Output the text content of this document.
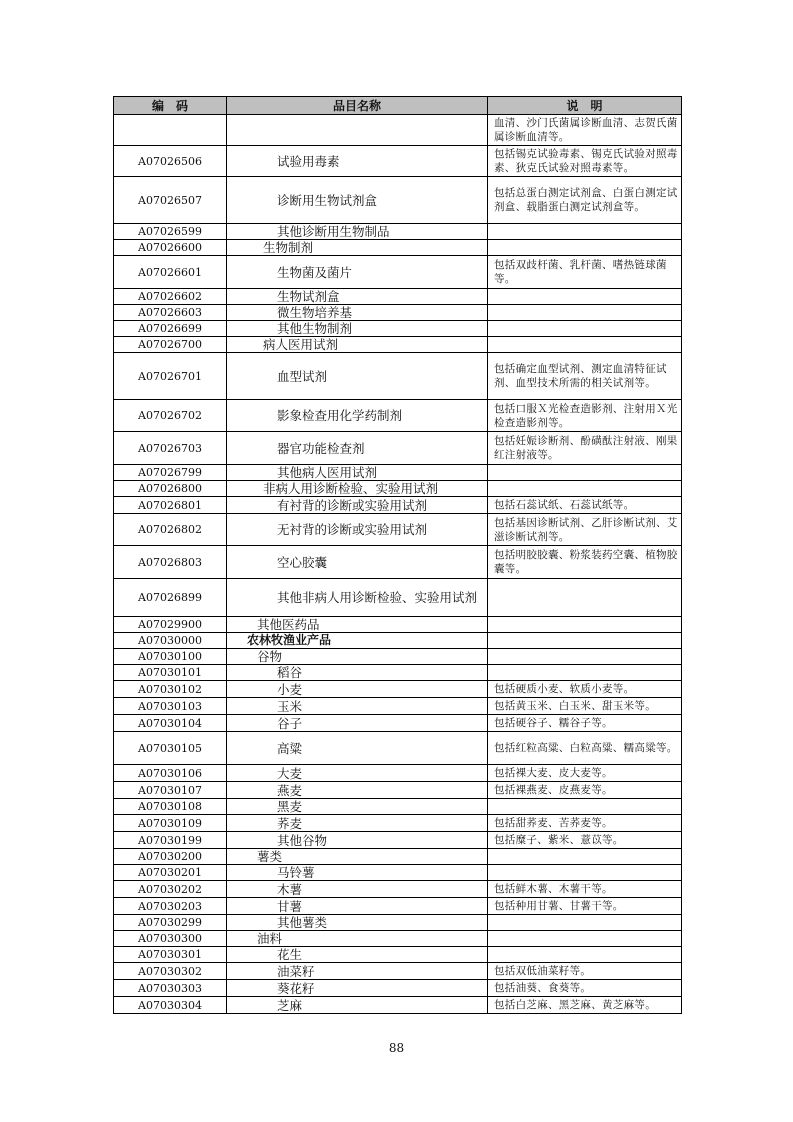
编　码	品目名称	说　明
		血清、沙门氏菌属诊断血清、志贺氏菌属诊断血清等。
A07026506	试验用毒素	包括锡克试验毒素、锡克氏试验对照毒素、狄克氏试验对照毒素等。
A07026507	诊断用生物试剂盒	包括总蛋白测定试剂盒、白蛋白测定试剂盒、载脂蛋白测定试剂盒等。
A07026599	其他诊断用生物制品	
A07026600	生物制剂	
A07026601	生物菌及菌片	包括双歧杆菌、乳杆菌、嗜热链球菌等。
A07026602	生物试剂盒	
A07026603	微生物培养基	
A07026699	其他生物制剂	
A07026700	病人医用试剂	
A07026701	血型试剂	包括确定血型试剂、测定血清特征试剂、血型技术所需的相关试剂等。
A07026702	影象检查用化学药制剂	包括口服Ｘ光检查造影剂、注射用Ｘ光检查造影剂等。
A07026703	器官功能检查剂	包括妊娠诊断剂、酚磺酞注射液、刚果红注射液等。
A07026799	其他病人医用试剂	
A07026800	非病人用诊断检验、实验用试剂	
A07026801	有衬背的诊断或实验用试剂	包括石蕊试纸、石蕊试纸等。
A07026802	无衬背的诊断或实验用试剂	包括基因诊断试剂、乙肝诊断试剂、艾滋诊断试剂等。
A07026803	空心胶囊	包括明胶胶囊、粉浆装药空囊、植物胶囊等。
A07026899	其他非病人用诊断检验、实验用试剂	
A07029900	其他医药品	
A07030000	农林牧渔业产品	
A07030100	谷物	
A07030101	稻谷	
A07030102	小麦	包括硬质小麦、软质小麦等。
A07030103	玉米	包括黄玉米、白玉米、甜玉米等。
A07030104	谷子	包括硬谷子、糯谷子等。
A07030105	高粱	包括红粒高粱、白粒高粱、糯高粱等。
A07030106	大麦	包括裸大麦、皮大麦等。
A07030107	燕麦	包括裸燕麦、皮燕麦等。
A07030108	黑麦	
A07030109	荞麦	包括甜荞麦、苦荞麦等。
A07030199	其他谷物	包括糜子、紫米、薏苡等。
A07030200	薯类	
A07030201	马铃薯	
A07030202	木薯	包括鲜木薯、木薯干等。
A07030203	甘薯	包括种用甘薯、甘薯干等。
A07030299	其他薯类	
A07030300	油料	
A07030301	花生	
A07030302	油菜籽	包括双低油菜籽等。
A07030303	葵花籽	包括油葵、食葵等。
A07030304	芝麻	包括白芝麻、黑芝麻、黄芝麻等。
88
